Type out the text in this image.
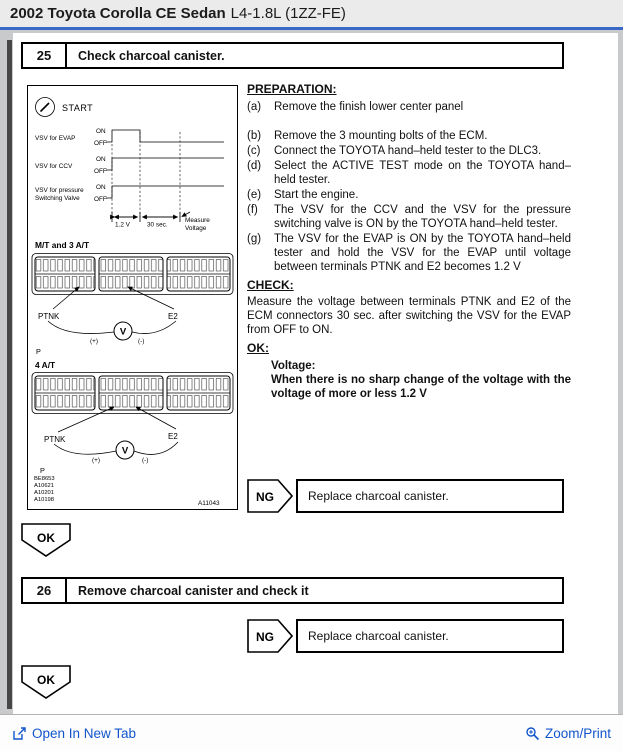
2002 Toyota Corolla CE Sedan L4-1.8L (1ZZ-FE)
25	Check charcoal canister.
START
VSV for EVAP
ON
OFF
VSV for CCV
ON
OFF
VSV for pressure
Switching Valve
ON
OFF
1.2 V	30 sec.
Measure
Voltage
M/T and 3 A/T
PTNK	E2
V
(+)	(-)
P
4 A/T
PTNK	E2
V
(+)	(-)
P
BE8653
A10621
A10201
A10198	A11043
PREPARATION:
(a)	Remove the finish lower center panel
(b)	Remove the 3 mounting bolts of the ECM.
(c)	Connect the TOYOTA hand–held tester to the DLC3.
(d)	Select the ACTIVE TEST mode on the TOYOTA hand–held tester.
(e)	Start the engine.
(f)	The VSV for the CCV and the VSV for the pressure switching valve is ON by the TOYOTA hand–held tester.
(g)	The VSV for the EVAP is ON by the TOYOTA hand–held tester and hold the VSV for the EVAP until voltage between terminals PTNK and E2 becomes 1.2 V
CHECK:
Measure the voltage between terminals PTNK and E2 of the ECM connectors 30 sec. after switching the VSV for the EVAP from OFF to ON.
OK:
Voltage:
When there is no sharp change of the voltage with the voltage of more or less 1.2 V
NG	Replace charcoal canister.
OK
26	Remove charcoal canister and check it
NG	Replace charcoal canister.
OK
Open In New Tab	Zoom/Print
